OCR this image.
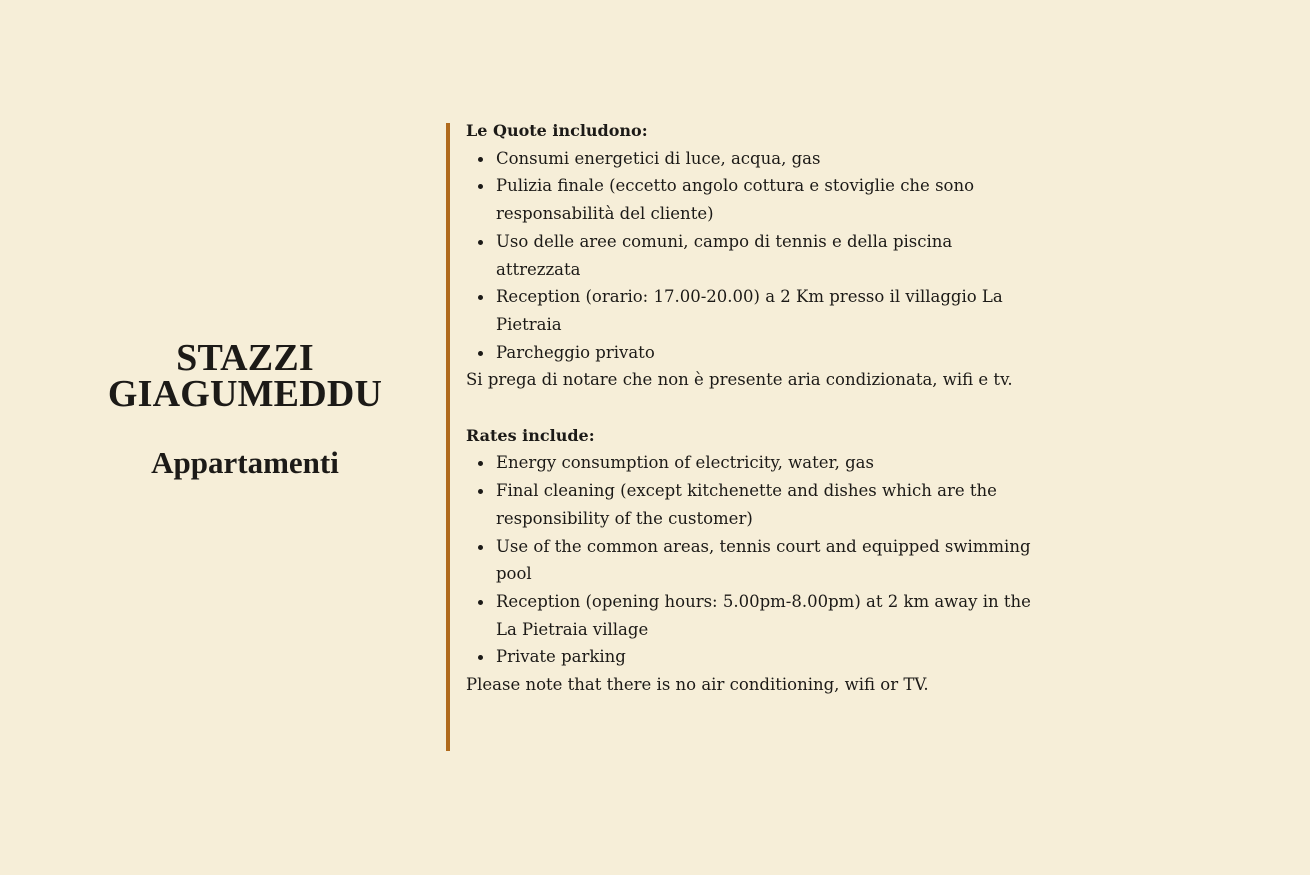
STAZZI
GIAGUMEDDU
Appartamenti
Le Quote includono:
Consumi energetici di luce, acqua, gas
Pulizia finale (eccetto angolo cottura e stoviglie che sono responsabilità del cliente)
Uso delle aree comuni, campo di tennis e della piscina attrezzata
Reception (orario: 17.00-20.00) a 2 Km presso il villaggio La Pietraia
Parcheggio privato

Si prega di notare che non è presente aria condizionata, wifi e tv.

Rates include:
Energy consumption of electricity, water, gas
Final cleaning (except kitchenette and dishes which are the responsibility of the customer)
Use of the common areas, tennis court and equipped swimming pool
Reception (opening hours: 5.00pm-8.00pm) at 2 km away in the La Pietraia village
Private parking

Please note that there is no air conditioning, wifi or TV.
